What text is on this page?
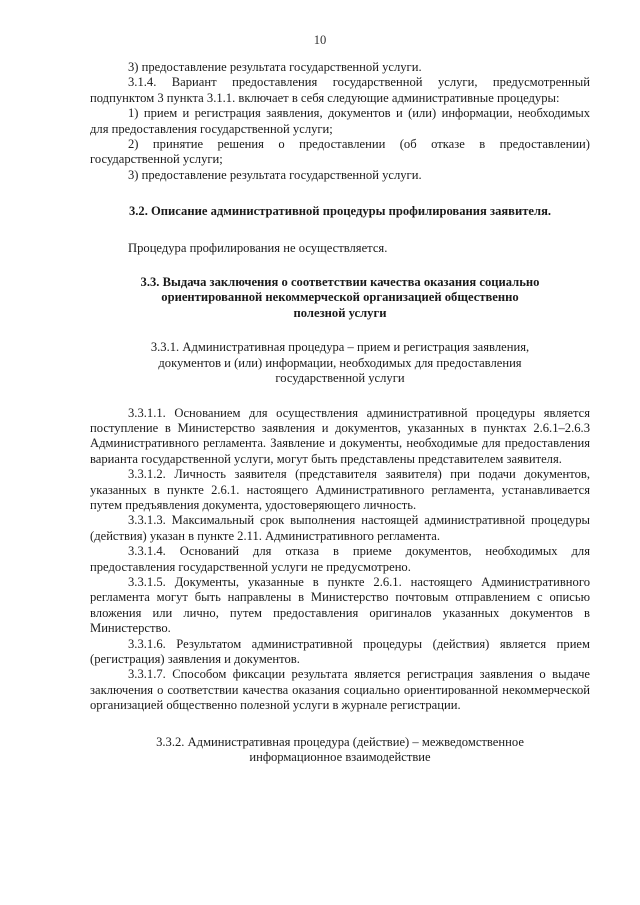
10

3) предоставление результата государственной услуги.

3.1.4. Вариант предоставления государственной услуги, предусмотренный подпунктом 3 пункта 3.1.1. включает в себя следующие административные процедуры:

1) прием и регистрация заявления, документов и (или) информации, необходимых для предоставления государственной услуги;

2) принятие решения о предоставлении (об отказе в предоставлении) государственной услуги;

3) предоставление результата государственной услуги.

3.2. Описание административной процедуры профилирования заявителя.

Процедура профилирования не осуществляется.

3.3. Выдача заключения о соответствии качества оказания социально ориентированной некоммерческой организацией общественно полезной услуги

3.3.1. Административная процедура – прием и регистрация заявления, документов и (или) информации, необходимых для предоставления государственной услуги

3.3.1.1. Основанием для осуществления административной процедуры является поступление в Министерство заявления и документов, указанных в пунктах 2.6.1–2.6.3 Административного регламента. Заявление и документы, необходимые для предоставления варианта государственной услуги, могут быть представлены представителем заявителя.

3.3.1.2. Личность заявителя (представителя заявителя) при подачи документов, указанных в пункте 2.6.1. настоящего Административного регламента, устанавливается путем предъявления документа, удостоверяющего личность.

3.3.1.3. Максимальный срок выполнения настоящей административной процедуры (действия) указан в пункте 2.11. Административного регламента.

3.3.1.4. Оснований для отказа в приеме документов, необходимых для предоставления государственной услуги не предусмотрено.

3.3.1.5. Документы, указанные в пункте 2.6.1. настоящего Административного регламента могут быть направлены в Министерство почтовым отправлением с описью вложения или лично, путем предоставления оригиналов указанных документов в Министерство.

3.3.1.6. Результатом административной процедуры (действия) является прием (регистрация) заявления и документов.

3.3.1.7. Способом фиксации результата является регистрация заявления о выдаче заключения о соответствии качества оказания социально ориентированной некоммерческой организацией общественно полезной услуги в журнале регистрации.

3.3.2. Административная процедура (действие) – межведомственное информационное взаимодействие
